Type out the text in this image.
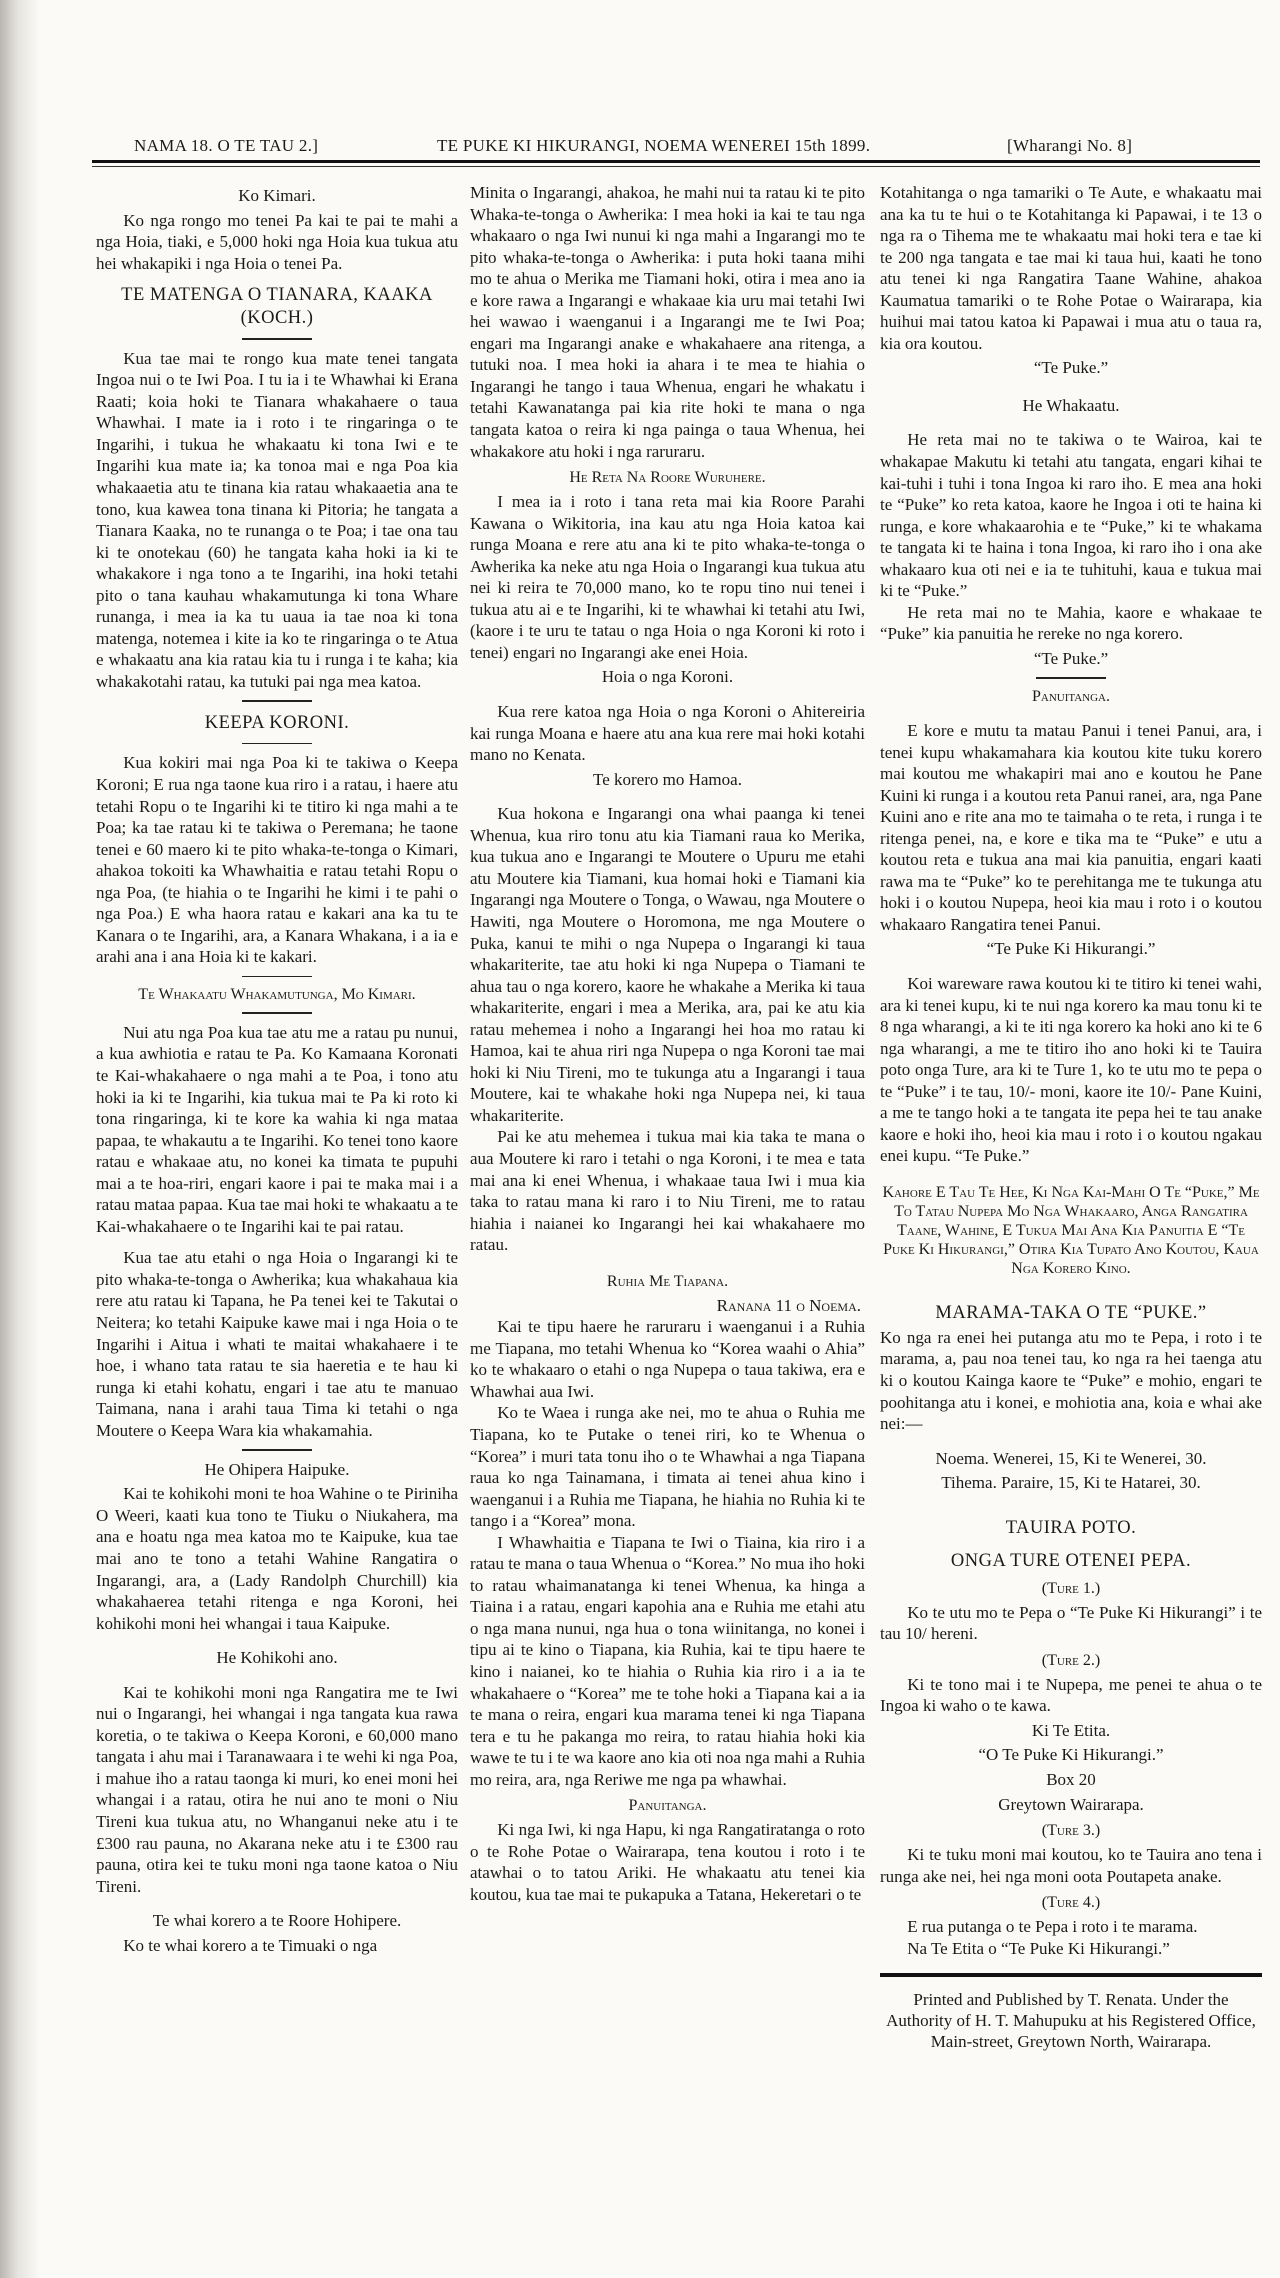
NAMA 18. O TE TAU 2.]	TE PUKE KI HIKURANGI, NOEMA WENEREI 15th 1899.	[Wharangi No. 8]
Ko Kimari.
Ko nga rongo mo tenei Pa kai te pai te mahi a nga Hoia, tiaki, e 5,000 hoki nga Hoia kua tukua atu hei whakapiki i nga Hoia o tenei Pa.
TE MATENGA O TIANARA, KAAKA (KOCH.)
Kua tae mai te rongo kua mate tenei tangata Ingoa nui o te Iwi Poa. I tu ia i te Whawhai ki Erana Raati; koia hoki te Tianara whakahaere o taua Whawhai. I mate ia i roto i te ringaringa o te Ingarihi, i tukua he whakaatu ki tona Iwi e te Ingarihi kua mate ia; ka tonoa mai e nga Poa kia whakaaetia atu te tinana kia ratau whakaaetia ana te tono, kua kawea tona tinana ki Pitoria; he tangata a Tianara Kaaka, no te runanga o te Poa; i tae ona tau ki te onotekau (60) he tangata kaha hoki ia ki te whakakore i nga tono a te Ingarihi, ina hoki tetahi pito o tana kauhau whakamutunga ki tona Whare runanga, i mea ia ka tu uaua ia tae noa ki tona matenga, notemea i kite ia ko te ringaringa o te Atua e whakaatu ana kia ratau kia tu i runga i te kaha; kia whakakotahi ratau, ka tutuki pai nga mea katoa.
KEEPA KORONI.
Kua kokiri mai nga Poa ki te takiwa o Keepa Koroni; E rua nga taone kua riro i a ratau, i haere atu tetahi Ropu o te Ingarihi ki te titiro ki nga mahi a te Poa; ka tae ratau ki te takiwa o Peremana; he taone tenei e 60 maero ki te pito whaka-te-tonga o Kimari, ahakoa tokoiti ka Whawhaitia e ratau tetahi Ropu o nga Poa, (te hiahia o te Ingarihi he kimi i te pahi o nga Poa.) E wha haora ratau e kakari ana ka tu te Kanara o te Ingarihi, ara, a Kanara Whakana, i a ia e arahi ana i ana Hoia ki te kakari.
Te Whakaatu Whakamutunga, Mo Kimari.
Nui atu nga Poa kua tae atu me a ratau pu nunui, a kua awhiotia e ratau te Pa. Ko Kamaana Koronati te Kai-whakahaere o nga mahi a te Poa, i tono atu hoki ia ki te Ingarihi, kia tukua mai te Pa ki roto ki tona ringaringa, ki te kore ka wahia ki nga mataa papaa, te whakautu a te Ingarihi. Ko tenei tono kaore ratau e whakaae atu, no konei ka timata te pupuhi mai a te hoa-riri, engari kaore i pai te maka mai i a ratau mataa papaa. Kua tae mai hoki te whakaatu a te Kai-whakahaere o te Ingarihi kai te pai ratau.
Kua tae atu etahi o nga Hoia o Ingarangi ki te pito whaka-te-tonga o Awherika; kua whakahaua kia rere atu ratau ki Tapana, he Pa tenei kei te Takutai o Neitera; ko tetahi Kaipuke kawe mai i nga Hoia o te Ingarihi i Aitua i whati te maitai whakahaere i te hoe, i whano tata ratau te sia haeretia e te hau ki runga ki etahi kohatu, engari i tae atu te manuao Taimana, nana i arahi taua Tima ki tetahi o nga Moutere o Keepa Wara kia whakamahia.
He Ohipera Haipuke.
Kai te kohikohi moni te hoa Wahine o te Piriniha O Weeri, kaati kua tono te Tiuku o Niukahera, ma ana e hoatu nga mea katoa mo te Kaipuke, kua tae mai ano te tono a tetahi Wahine Rangatira o Ingarangi, ara, a (Lady Randolph Churchill) kia whakahaerea tetahi ritenga e nga Koroni, hei kohikohi moni hei whangai i taua Kaipuke.
He Kohikohi ano.
Kai te kohikohi moni nga Rangatira me te Iwi nui o Ingarangi, hei whangai i nga tangata kua rawa koretia, o te takiwa o Keepa Koroni, e 60,000 mano tangata i ahu mai i Taranawaara i te wehi ki nga Poa, i mahue iho a ratau taonga ki muri, ko enei moni hei whangai i a ratau, otira he nui ano te moni o Niu Tireni kua tukua atu, no Whanganui neke atu i te £300 rau pauna, no Akarana neke atu i te £300 rau pauna, otira kei te tuku moni nga taone katoa o Niu Tireni.
Te whai korero a te Roore Hohipere.
Ko te whai korero a te Timuaki o nga
Minita o Ingarangi, ahakoa, he mahi nui ta ratau ki te pito Whaka-te-tonga o Awherika: I mea hoki ia kai te tau nga whakaaro o nga Iwi nunui ki nga mahi a Ingarangi mo te pito whaka-te-tonga o Awherika: i puta hoki taana mihi mo te ahua o Merika me Tiamani hoki, otira i mea ano ia e kore rawa a Ingarangi e whakaae kia uru mai tetahi Iwi hei wawao i waenganui i a Ingarangi me te Iwi Poa; engari ma Ingarangi anake e whakahaere ana ritenga, a tutuki noa. I mea hoki ia ahara i te mea te hiahia o Ingarangi he tango i taua Whenua, engari he whakatu i tetahi Kawanatanga pai kia rite hoki te mana o nga tangata katoa o reira ki nga painga o taua Whenua, hei whakakore atu hoki i nga raruraru.
He Reta Na Roore Wuruhere.
I mea ia i roto i tana reta mai kia Roore Parahi Kawana o Wikitoria, ina kau atu nga Hoia katoa kai runga Moana e rere atu ana ki te pito whaka-te-tonga o Awherika ka neke atu nga Hoia o Ingarangi kua tukua atu nei ki reira te 70,000 mano, ko te ropu tino nui tenei i tukua atu ai e te Ingarihi, ki te whawhai ki tetahi atu Iwi, (kaore i te uru te tatau o nga Hoia o nga Koroni ki roto i tenei) engari no Ingarangi ake enei Hoia.
Hoia o nga Koroni.
Kua rere katoa nga Hoia o nga Koroni o Ahitereiria kai runga Moana e haere atu ana kua rere mai hoki kotahi mano no Kenata.
Te korero mo Hamoa.
Kua hokona e Ingarangi ona whai paanga ki tenei Whenua, kua riro tonu atu kia Tiamani raua ko Merika, kua tukua ano e Ingarangi te Moutere o Upuru me etahi atu Moutere kia Tiamani, kua homai hoki e Tiamani kia Ingarangi nga Moutere o Tonga, o Wawau, nga Moutere o Hawiti, nga Moutere o Horomona, me nga Moutere o Puka, kanui te mihi o nga Nupepa o Ingarangi ki taua whakariterite, tae atu hoki ki nga Nupepa o Tiamani te ahua tau o nga korero, kaore he whakahe a Merika ki taua whakariterite, engari i mea a Merika, ara, pai ke atu kia ratau mehemea i noho a Ingarangi hei hoa mo ratau ki Hamoa, kai te ahua riri nga Nupepa o nga Koroni tae mai hoki ki Niu Tireni, mo te tukunga atu a Ingarangi i taua Moutere, kai te whakahe hoki nga Nupepa nei, ki taua whakariterite.
Pai ke atu mehemea i tukua mai kia taka te mana o aua Moutere ki raro i tetahi o nga Koroni, i te mea e tata mai ana ki enei Whenua, i whakaae taua Iwi i mua kia taka to ratau mana ki raro i to Niu Tireni, me to ratau hiahia i naianei ko Ingarangi hei kai whakahaere mo ratau.
Ruhia Me Tiapana.
Ranana 11 o Noema.
Kai te tipu haere he raruraru i waenganui i a Ruhia me Tiapana, mo tetahi Whenua ko “Korea waahi o Ahia” ko te whakaaro o etahi o nga Nupepa o taua takiwa, era e Whawhai aua Iwi.
Ko te Waea i runga ake nei, mo te ahua o Ruhia me Tiapana, ko te Putake o tenei riri, ko te Whenua o “Korea” i muri tata tonu iho o te Whawhai a nga Tiapana raua ko nga Tainamana, i timata ai tenei ahua kino i waenganui i a Ruhia me Tiapana, he hiahia no Ruhia ki te tango i a “Korea” mona.
I Whawhaitia e Tiapana te Iwi o Tiaina, kia riro i a ratau te mana o taua Whenua o “Korea.” No mua iho hoki to ratau whaimanatanga ki tenei Whenua, ka hinga a Tiaina i a ratau, engari kapohia ana e Ruhia me etahi atu o nga mana nunui, nga hua o tona wiinitanga, no konei i tipu ai te kino o Tiapana, kia Ruhia, kai te tipu haere te kino i naianei, ko te hiahia o Ruhia kia riro i a ia te whakahaere o “Korea” me te tohe hoki a Tiapana kai a ia te mana o reira, engari kua marama tenei ki nga Tiapana tera e tu he pakanga mo reira, to ratau hiahia hoki kia wawe te tu i te wa kaore ano kia oti noa nga mahi a Ruhia mo reira, ara, nga Reriwe me nga pa whawhai.
Panuitanga.
Ki nga Iwi, ki nga Hapu, ki nga Rangatiratanga o roto o te Rohe Potae o Wairarapa, tena koutou i roto i te atawhai o to tatou Ariki. He whakaatu atu tenei kia koutou, kua tae mai te pukapuka a Tatana, Hekeretari o te
Kotahitanga o nga tamariki o Te Aute, e whakaatu mai ana ka tu te hui o te Kotahitanga ki Papawai, i te 13 o nga ra o Tihema me te whakaatu mai hoki tera e tae ki te 200 nga tangata e tae mai ki taua hui, kaati he tono atu tenei ki nga Rangatira Taane Wahine, ahakoa Kaumatua tamariki o te Rohe Potae o Wairarapa, kia huihui mai tatou katoa ki Papawai i mua atu o taua ra, kia ora koutou.
“Te Puke.”
He Whakaatu.
He reta mai no te takiwa o te Wairoa, kai te whakapae Makutu ki tetahi atu tangata, engari kihai te kai-tuhi i tuhi i tona Ingoa ki raro iho. E mea ana hoki te “Puke” ko reta katoa, kaore he Ingoa i oti te haina ki runga, e kore whakaarohia e te “Puke,” ki te whakama te tangata ki te haina i tona Ingoa, ki raro iho i ona ake whakaaro kua oti nei e ia te tuhituhi, kaua e tukua mai ki te “Puke.”
He reta mai no te Mahia, kaore e whakaae te “Puke” kia panuitia he rereke no nga korero.
“Te Puke.”
Panuitanga.
E kore e mutu ta matau Panui i tenei Panui, ara, i tenei kupu whakamahara kia koutou kite tuku korero mai koutou me whakapiri mai ano e koutou he Pane Kuini ki runga i a koutou reta Panui ranei, ara, nga Pane Kuini ano e rite ana mo te taimaha o te reta, i runga i te ritenga penei, na, e kore e tika ma te “Puke” e utu a koutou reta e tukua ana mai kia panuitia, engari kaati rawa ma te “Puke” ko te perehitanga me te tukunga atu hoki i o koutou Nupepa, heoi kia mau i roto i o koutou whakaaro Rangatira tenei Panui.
“Te Puke Ki Hikurangi.”
Koi wareware rawa koutou ki te titiro ki tenei wahi, ara ki tenei kupu, ki te nui nga korero ka mau tonu ki te 8 nga wharangi, a ki te iti nga korero ka hoki ano ki te 6 nga wharangi, a me te titiro iho ano hoki ki te Tauira poto onga Ture, ara ki te Ture 1, ko te utu mo te pepa o te “Puke” i te tau, 10/- moni, kaore ite 10/- Pane Kuini, a me te tango hoki a te tangata ite pepa hei te tau anake kaore e hoki iho, heoi kia mau i roto i o koutou ngakau enei kupu. “Te Puke.”
Kahore E Tau Te Hee, Ki Nga Kai-Mahi O Te “Puke,” Me To Tatau Nupepa Mo Nga Whakaaro, Anga Rangatira Taane, Wahine, E Tukua Mai Ana Kia Panuitia E “Te Puke Ki Hikurangi,” Otira Kia Tupato Ano Koutou, Kaua Nga Korero Kino.
MARAMA-TAKA O TE “PUKE.”
Ko nga ra enei hei putanga atu mo te Pepa, i roto i te marama, a, pau noa tenei tau, ko nga ra hei taenga atu ki o koutou Kainga kaore te “Puke” e mohio, engari te poohitanga atu i konei, e mohiotia ana, koia e whai ake nei:—
Noema. Wenerei, 15, Ki te Wenerei, 30.
Tihema. Paraire, 15, Ki te Hatarei, 30.
TAUIRA POTO.
ONGA TURE OTENEI PEPA.
(Ture 1.)
Ko te utu mo te Pepa o “Te Puke Ki Hikurangi” i te tau 10/ hereni.
(Ture 2.)
Ki te tono mai i te Nupepa, me penei te ahua o te Ingoa ki waho o te kawa.
Ki Te Etita.
“O Te Puke Ki Hikurangi.”
Box 20
Greytown Wairarapa.
(Ture 3.)
Ki te tuku moni mai koutou, ko te Tauira ano tena i runga ake nei, hei nga moni oota Poutapeta anake.
(Ture 4.)
E rua putanga o te Pepa i roto i te marama.
Na Te Etita o “Te Puke Ki Hikurangi.”
Printed and Published by T. Renata. Under the Authority of H. T. Mahupuku at his Registered Office, Main-street, Greytown North, Wairarapa.
